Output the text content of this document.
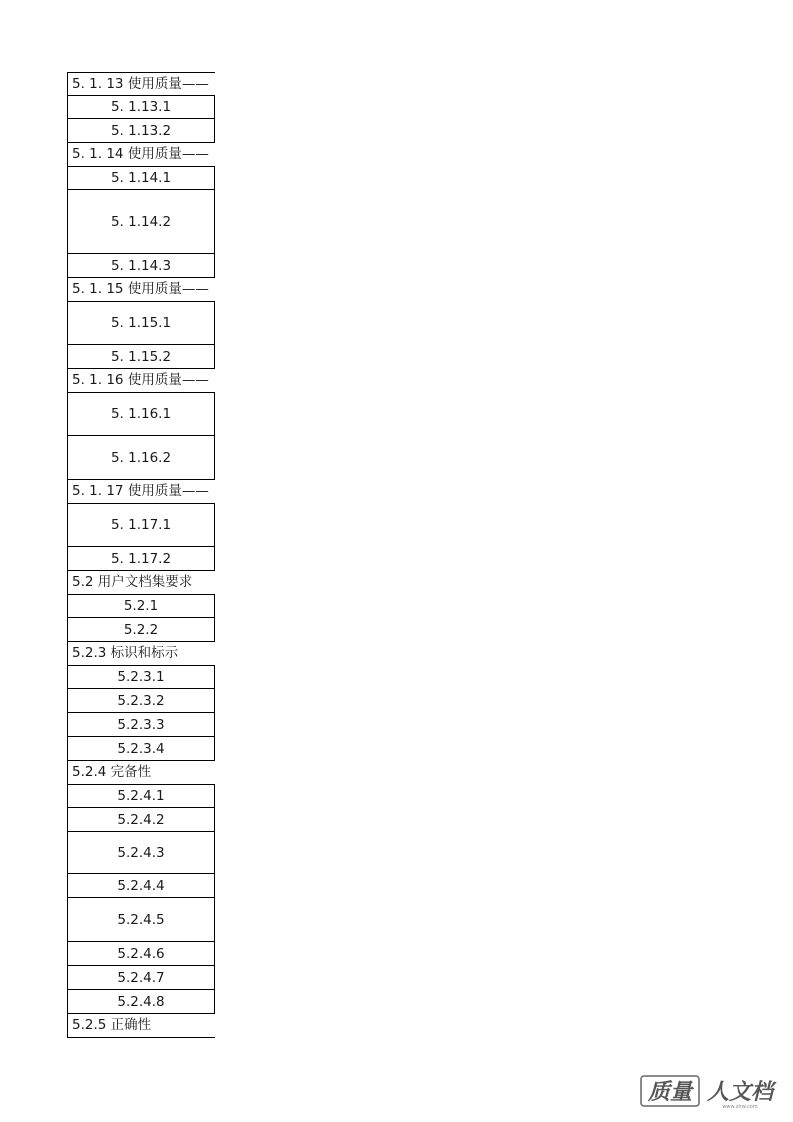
5. 1. 13 使用质量——
5. 1.13.1
5. 1.13.2
5. 1. 14 使用质量——
5. 1.14.1
5. 1.14.2
5. 1.14.3
5. 1. 15 使用质量——
5. 1.15.1
5. 1.15.2
5. 1. 16 使用质量——
5. 1.16.1
5. 1.16.2
5. 1. 17 使用质量——
5. 1.17.1
5. 1.17.2
5.2 用户文档集要求
5.2.1
5.2.2
5.2.3 标识和标示
5.2.3.1
5.2.3.2
5.2.3.3
5.2.3.4
5.2.4 完备性
5.2.4.1
5.2.4.2
5.2.4.3
5.2.4.4
5.2.4.5
5.2.4.6
5.2.4.7
5.2.4.8
5.2.5 正确性
质量 人文档
www.zlrw.com
